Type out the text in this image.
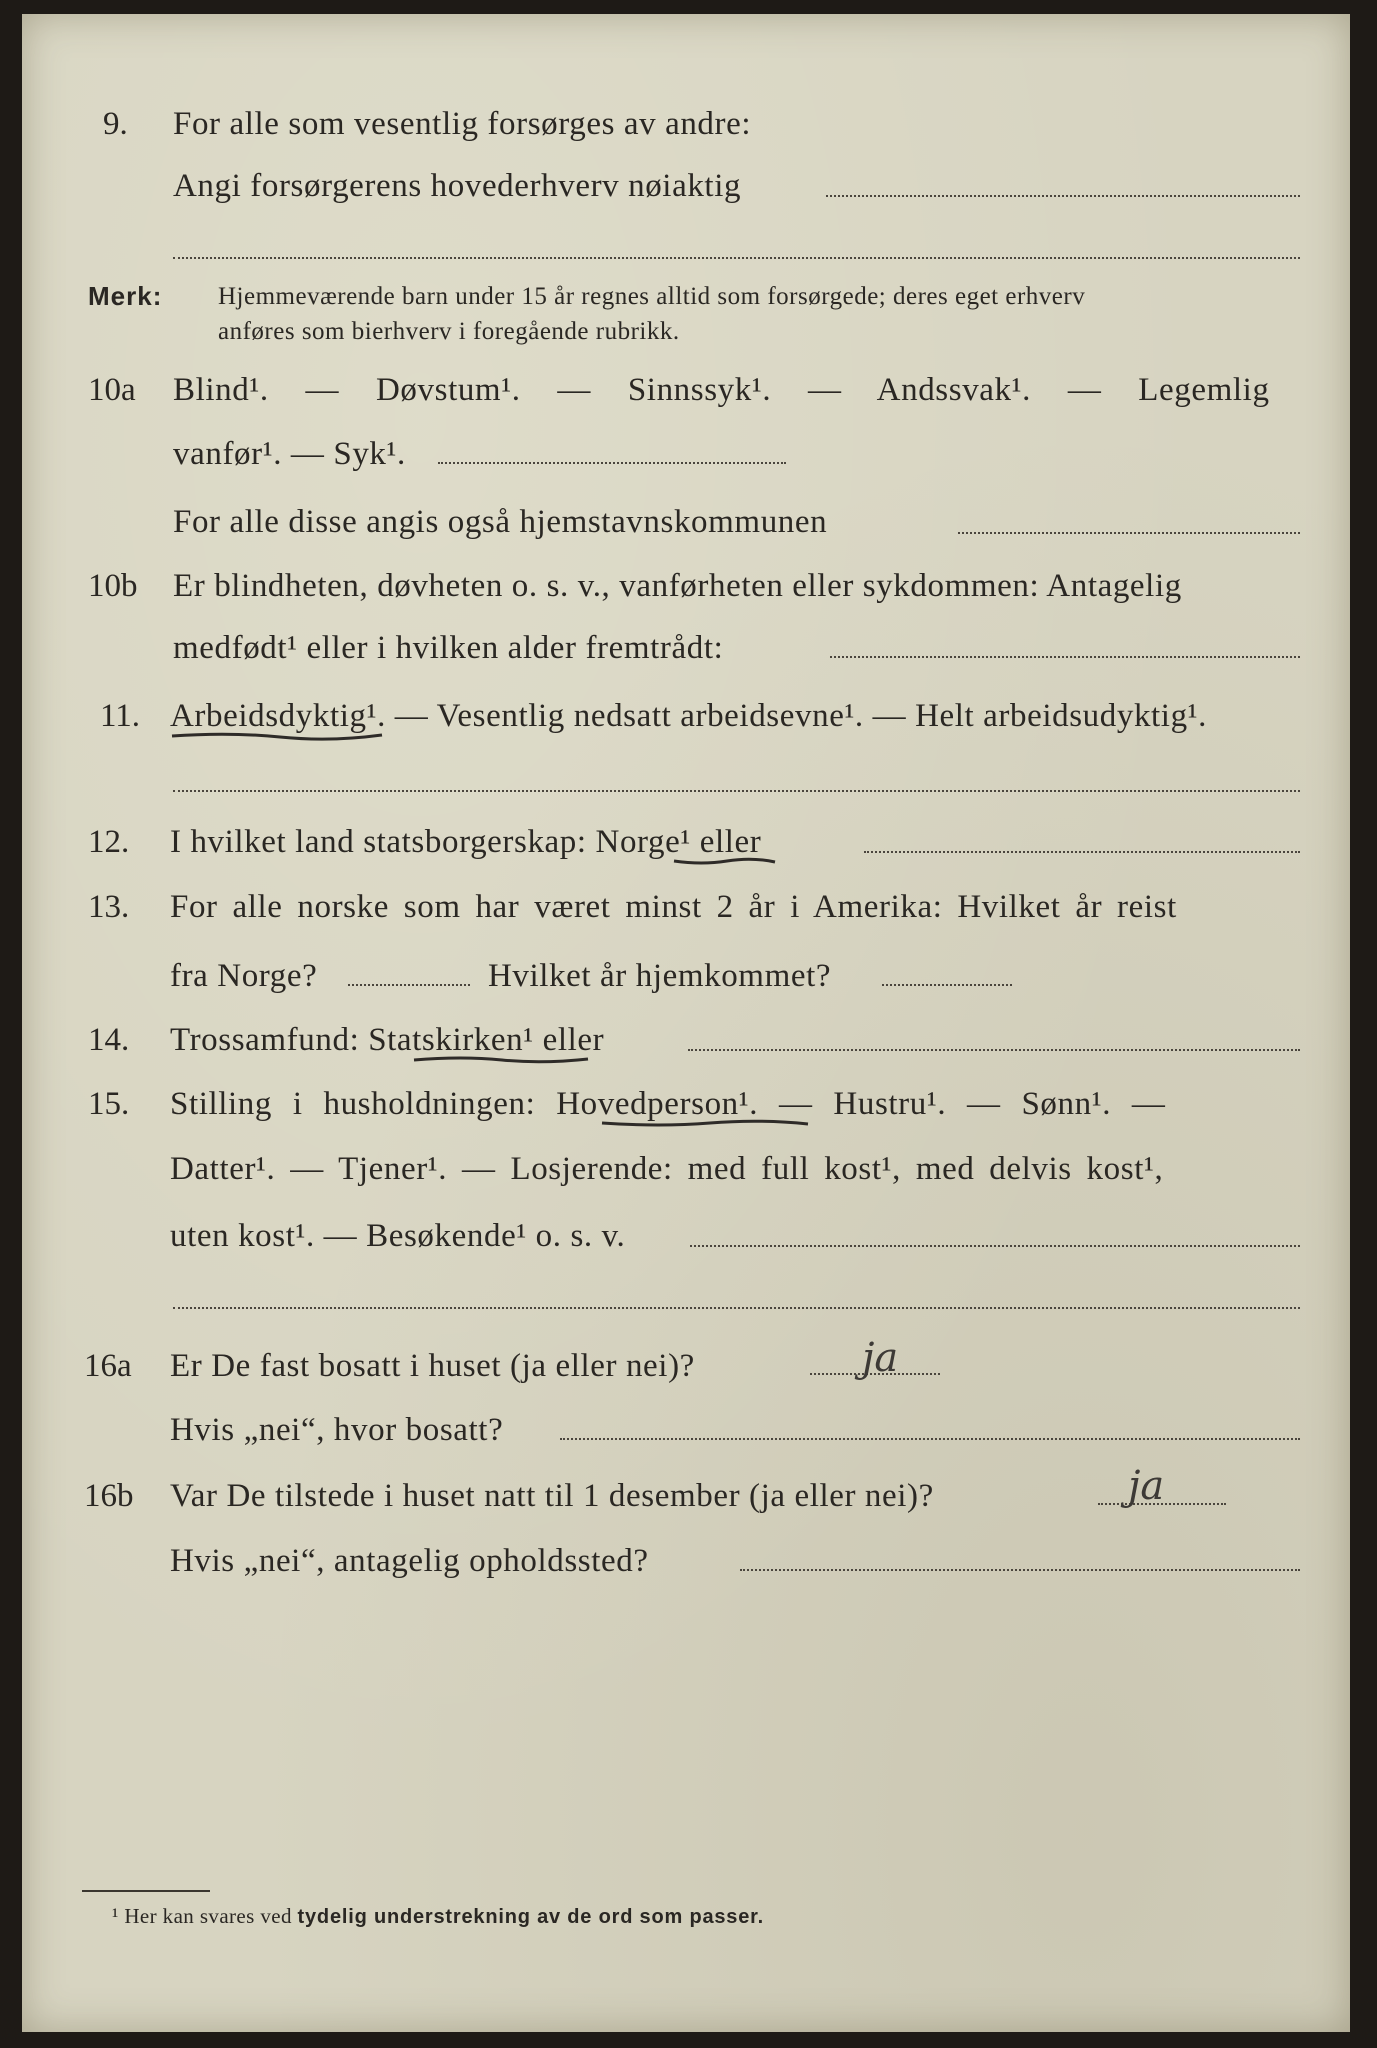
9. For alle som vesentlig forsørges av andre:
Angi forsørgerens hovederhverv nøiaktig
Merk: Hjemmeværende barn under 15 år regnes alltid som forsørgede; deres eget erhverv
anføres som bierhverv i foregående rubrikk.
10a Blind¹. — Døvstum¹. — Sinnssyk¹. — Andssvak¹. — Legemlig
vanfør¹. — Syk¹.
For alle disse angis også hjemstavnskommunen
10b Er blindheten, døvheten o. s. v., vanførheten eller sykdommen: Antagelig
medfødt¹ eller i hvilken alder fremtrådt:
11. Arbeidsdyktig¹. — Vesentlig nedsatt arbeidsevne¹. — Helt arbeidsudyktig¹.
12. I hvilket land statsborgerskap: Norge¹ eller
13. For alle norske som har været minst 2 år i Amerika: Hvilket år reist
fra Norge?	Hvilket år hjemkommet?
14. Trossamfund: Statskirken¹ eller
15. Stilling i husholdningen: Hovedperson¹. — Hustru¹. — Sønn¹. —
Datter¹. — Tjener¹. — Losjerende: med full kost¹, med delvis kost¹,
uten kost¹. — Besøkende¹ o. s. v.
16a Er De fast bosatt i huset (ja eller nei)?	ja
Hvis „nei“, hvor bosatt?
16b Var De tilstede i huset natt til 1 desember (ja eller nei)?	ja
Hvis „nei“, antagelig opholdssted?
¹ Her kan svares ved tydelig understrekning av de ord som passer.
